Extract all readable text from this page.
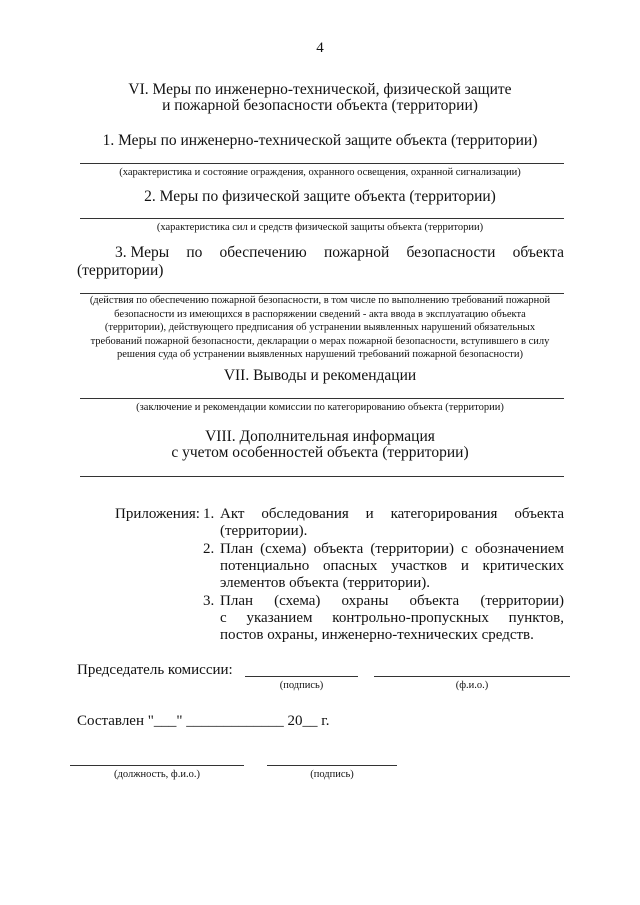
4
VI. Меры по инженерно-технической, физической защите
и пожарной безопасности объекта (территории)
1. Меры по инженерно-технической защите объекта (территории)
(характеристика и состояние ограждения, охранного освещения, охранной сигнализации)
2. Меры по физической защите объекта (территории)
(характеристика сил и средств физической защиты объекта (территории)
3. Меры по обеспечению пожарной безопасности объекта
(территории)
(действия по обеспечению пожарной безопасности, в том числе по выполнению требований пожарной
безопасности из имеющихся в распоряжении сведений - акта ввода в эксплуатацию объекта
(территории), действующего предписания об устранении выявленных нарушений обязательных
требований пожарной безопасности, декларации о мерах пожарной безопасности, вступившего в силу
решения суда об устранении выявленных нарушений требований пожарной безопасности)
VII. Выводы и рекомендации
(заключение и рекомендации комиссии по категорированию объекта (территории)
VIII. Дополнительная информация
с учетом особенностей объекта (территории)
Приложения: 1. Акт обследования и категорирования объекта
(территории).
2. План (схема) объекта (территории) с обозначением
потенциально опасных участков и критических
элементов объекта (территории).
3. План (схема) охраны объекта (территории)
с указанием контрольно-пропускных пунктов,
постов охраны, инженерно-технических средств.
Председатель комиссии:
(подпись)	(ф.и.о.)
Составлен "___" _____________ 20__ г.
(должность, ф.и.о.)	(подпись)
